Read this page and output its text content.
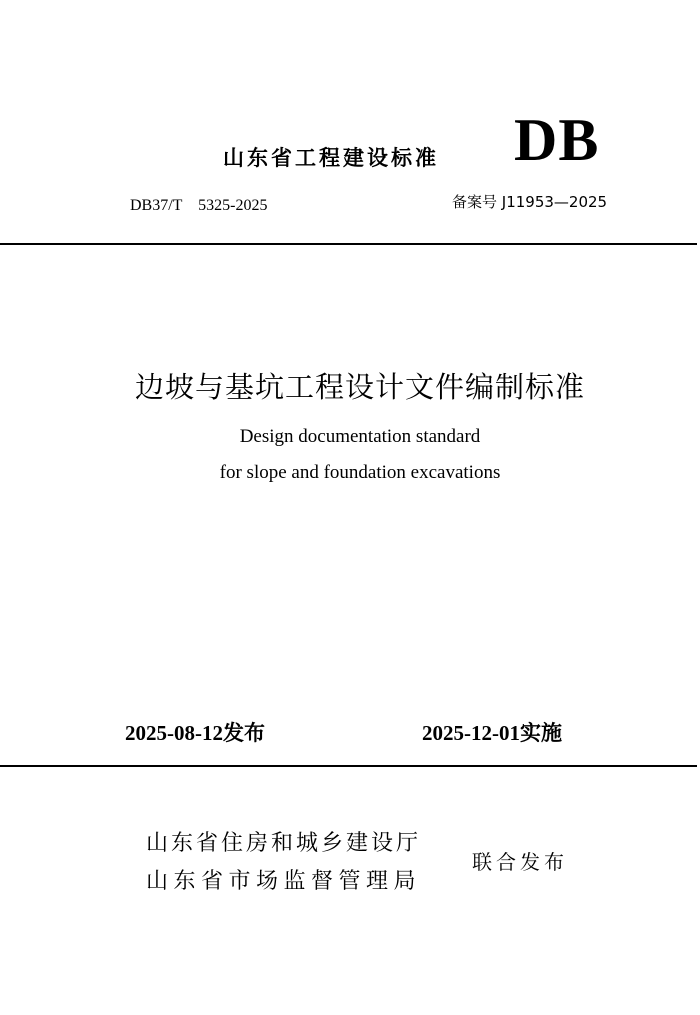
山东省工程建设标准 DB
DB37/T　5325-2025	备案号 J11953—2025
边坡与基坑工程设计文件编制标准
Design documentation standard
for slope and foundation excavations
2025-08-12发布	2025-12-01实施
山东省住房和城乡建设厅
山东省市场监督管理局
联合发布
